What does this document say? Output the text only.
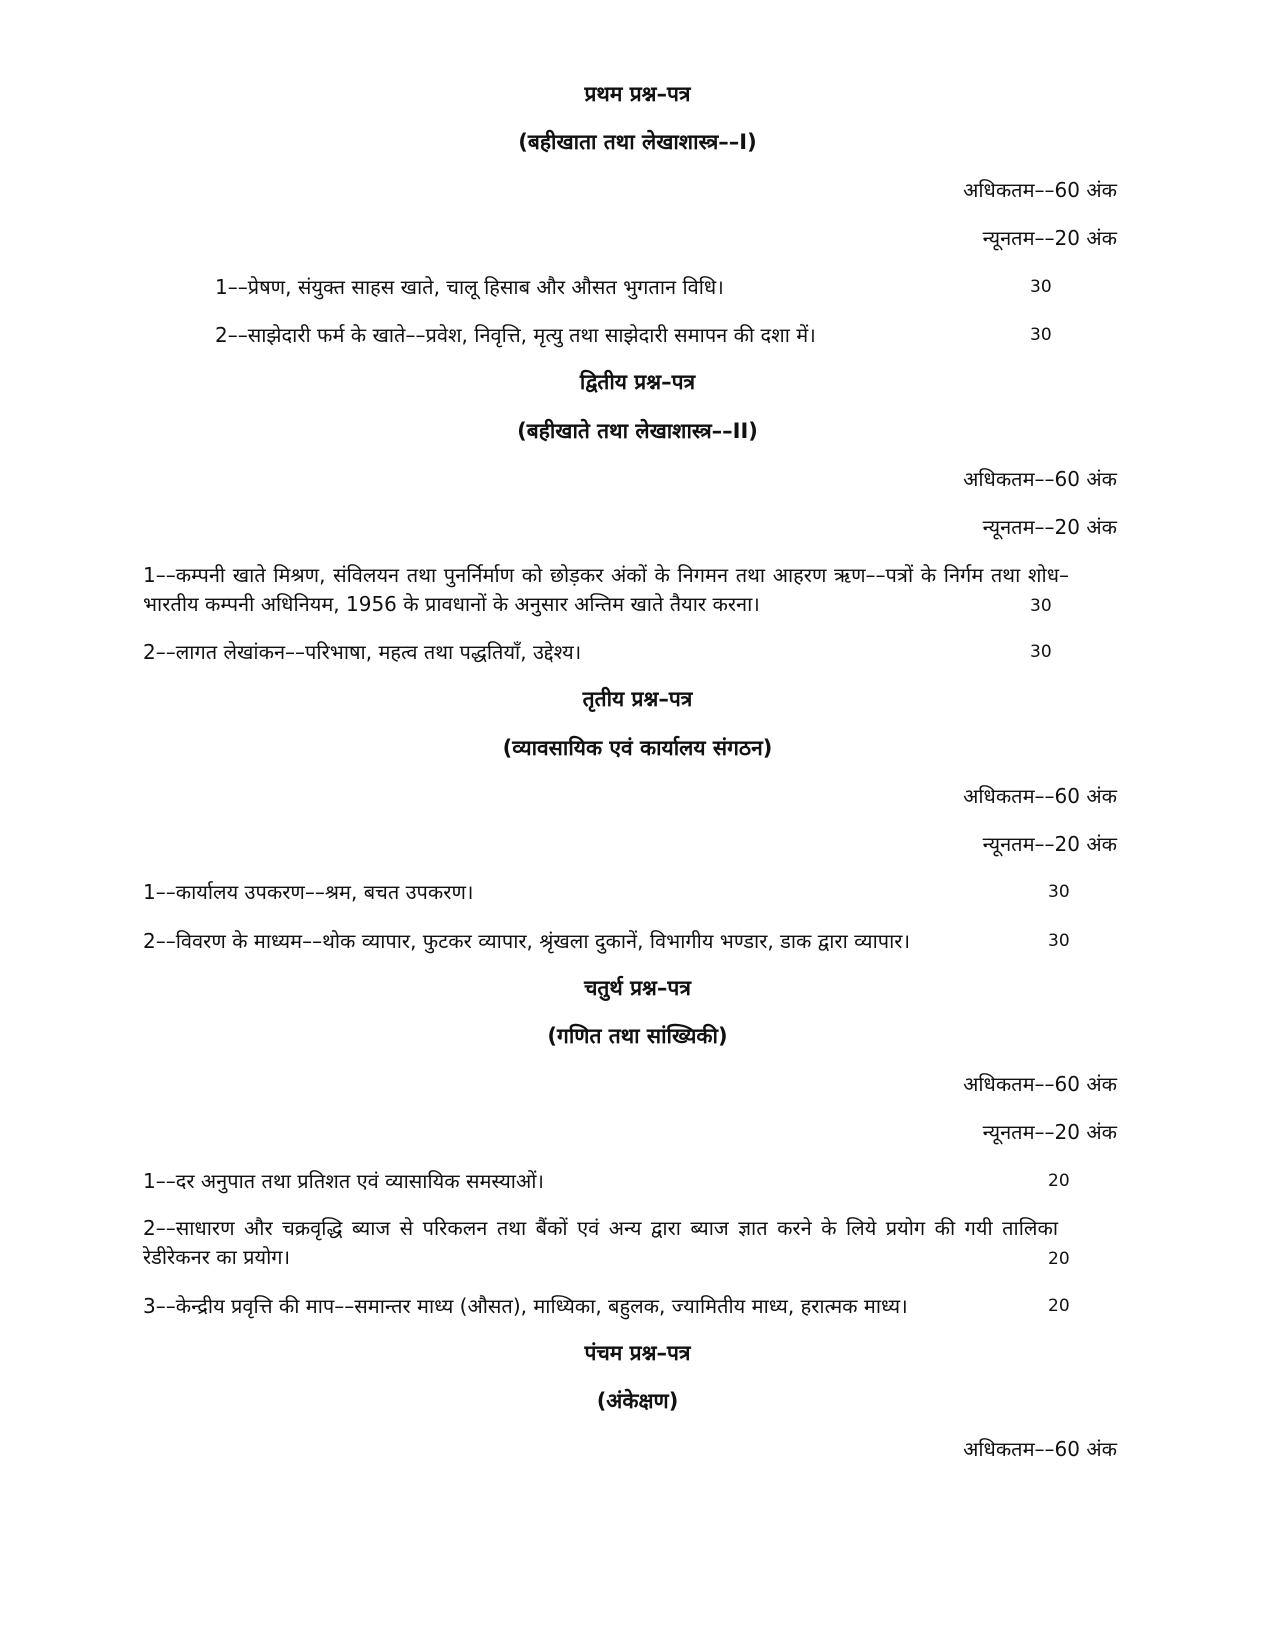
प्रथम प्रश्न–पत्र
(बहीखाता तथा लेखाशास्त्र––I)
अधिकतम––60 अंक
न्यूनतम––20 अंक
1––प्रेषण, संयुक्त साहस खाते, चालू हिसाब और औसत भुगतान विधि।	30
2––साझेदारी फर्म के खाते––प्रवेश, निवृत्ति, मृत्यु तथा साझेदारी समापन की दशा में।	30
द्वितीय प्रश्न–पत्र
(बहीखाते तथा लेखाशास्त्र––II)
अधिकतम––60 अंक
न्यूनतम––20 अंक
1––कम्पनी खाते मिश्रण, संविलयन तथा पुनर्निर्माण को छोड़कर अंकों के निगमन तथा आहरण ऋण––पत्रों के निर्गम तथा शोध–भारतीय कम्पनी अधिनियम, 1956 के प्रावधानों के अनुसार अन्तिम खाते तैयार करना।	30
2––लागत लेखांकन––परिभाषा, महत्व तथा पद्धतियाँ, उद्देश्य।	30
तृतीय प्रश्न–पत्र
(व्यावसायिक एवं कार्यालय संगठन)
अधिकतम––60 अंक
न्यूनतम––20 अंक
1––कार्यालय उपकरण––श्रम, बचत उपकरण।	30
2––विवरण के माध्यम––थोक व्यापार, फुटकर व्यापार, श्रृंखला दुकानें, विभागीय भण्डार, डाक द्वारा व्यापार।	30
चतुर्थ प्रश्न–पत्र
(गणित तथा सांख्यिकी)
अधिकतम––60 अंक
न्यूनतम––20 अंक
1––दर अनुपात तथा प्रतिशत एवं व्यासायिक समस्याओं।	20
2––साधारण और चक्रवृद्धि ब्याज से परिकलन तथा बैंकों एवं अन्य द्वारा ब्याज ज्ञात करने के लिये प्रयोग की गयी तालिका रेडीरेकनर का प्रयोग।	20
3––केन्द्रीय प्रवृत्ति की माप––समान्तर माध्य (औसत), माध्यिका, बहुलक, ज्यामितीय माध्य, हरात्मक माध्य।	20
पंचम प्रश्न–पत्र
(अंकेक्षण)
अधिकतम––60 अंक
